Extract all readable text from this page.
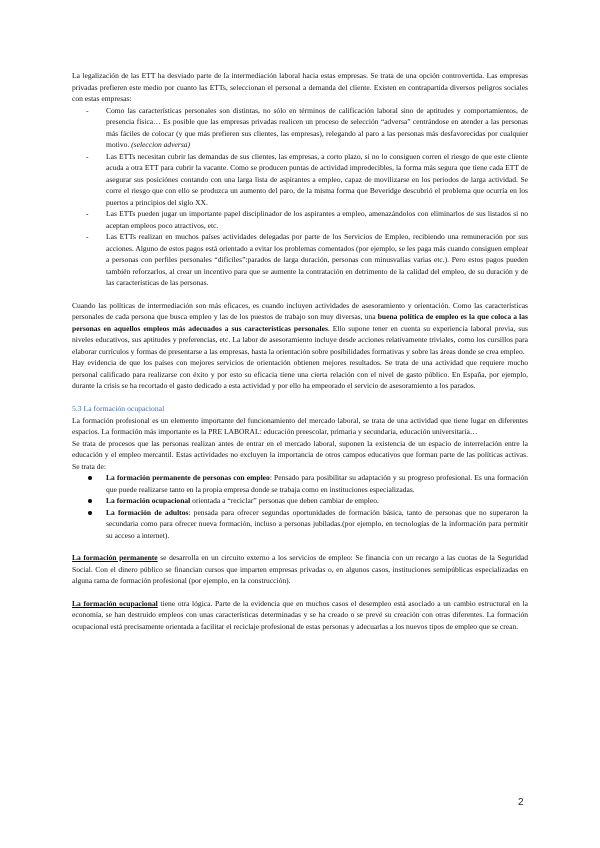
La legalización de las ETT ha desviado parte de la intermediación laboral hacia estas empresas. Se trata de una opción controvertida. Las empresas privadas prefieren este medio por cuanto las ETTs, seleccionan el personal a demanda del cliente. Existen en contrapartida diversos peligros sociales con estas empresas:

- Como las características personales son distintas, no sólo en términos de calificación laboral sino de aptitudes y comportamientos, de presencia física… Es posible que las empresas privadas realicen un proceso de selección “adversa” centrándose en atender a las personas más fáciles de colocar (y que más prefieren sus clientes, las empresas), relegando al paro a las personas más desfavorecidas por cualquier motivo. (seleccion adversa)
- Las ETTs necesitan cubrir las demandas de sus clientes, las empresas, a corto plazo, si no lo consiguen corren el riesgo de que este cliente acuda a otra ETT para cubrir la vacante. Como se producen puntas de actividad impredecibles, la forma más segura que tiene cada ETT de asegurar sus posiciónes contando con una larga lista de aspirantes a empleo, capaz de movilizarse en los periodos de larga actividad. Se corre el riesgo que con ello se produzca un aumento del paro, de la misma forma que Beveridge descubrió el problema que ocurría en los puertos a principios del siglo XX.
- Las ETTs pueden jugar un importante papel disciplinador de los aspirantes a empleo, amenazándolos con eliminarlos de sus listados si no aceptan empleos poco atractivos, etc.
- Las ETTs realizan en muchos países actividades delegadas por parte de los Servicios de Empleo, recibiendo una remuneración por sus acciones. Alguno de estos pagos está orientado a evitar los problemas comentados (por ejemplo, se les paga más cuando consiguen emplear a personas con perfiles personales “difíciles”:parados de larga duración, personas con minusvalías varias etc.). Pero estos pagos pueden también reforzarlos, al crear un incentivo para que se aumente la contratación en detrimento de la calidad del empleo, de su duración y de las características de las personas.

Cuando las políticas de intermediación son más eficaces, es cuando incluyen actividades de asesoramiento y orientación. Como las características personales de cada persona que busca empleo y las de los puestos de trabajo son muy diversas, una buena política de empleo es la que coloca a las personas en aquellos empleos más adecuados a sus características personales. Ello supone tener en cuenta su experiencia laboral previa, sus niveles educativos, sus aptitudes y preferencias, etc. La labor de asesoramiento incluye desde acciones relativamente triviales, como los cursillos para elaborar currículos y formas de presentarse a las empresas, hasta la orientación sobre posibilidades formativas y sobre las áreas donde se crea empleo.

Hay evidencia de que los países con mejores servicios de orientación obtienen mejores resultados. Se trata de una actividad que requiere mucho personal calificado para realizarse con éxito y por esto su eficacia tiene una cierta relación con el nivel de gasto público. En España, por ejemplo, durante la crisis se ha recortado el gasto dedicado a esta actividad y por ello ha empeorado el servicio de asesoramiento a los parados.

5.3 La formación ocupacional

La formación profesional es un elemento importante del funcionamiento del mercado laboral, se trata de una actividad que tiene lugar en diferentes espacios. La formación más importante es la PRE LABORAL: educación preescolar, primaria y secundaria, educación universitaria…

Se trata de procesos que las personas realizan antes de entrar en el mercado laboral, suponen la existencia de un espacio de interrelación entre la educación y el empleo mercantil. Estas actividades no excluyen la importancia de otros campos educativos que forman parte de las políticas activas. Se trata de:

La formación permanente de personas con empleo: Pensado para posibilitar su adaptación y su progreso profesional. Es una formación que puede realizarse tanto en la propia empresa donde se trabaja como en instituciones especializadas.
La formación ocupacional orientada a “reciclar” personas que deben cambiar de empleo.
La formación de adultos: pensada para ofrecer segundas oportunidades de formación básica, tanto de personas que no superaron la secundaria como para ofrecer nueva formación, incluso a personas jubiladas.(por ejemplo, en tecnologías de la información para permitir su acceso a internet).

La formación permanente se desarrolla en un circuito externo a los servicios de empleo: Se financia con un recargo a las cuotas de la Seguridad Social. Con el dinero público se financian cursos que imparten empresas privadas o, en algunos casos, instituciones semipúblicas especializadas en alguna rama de formación profesional (por ejemplo, en la construcción).

La formación ocupacional tiene otra lógica. Parte de la evidencia que en muchos casos el desempleo está asociado a un cambio estructural en la economía, se han destruido empleos con unas características determinadas y se ha creado o se prevé su creación con otras diferentes. La formación ocupacional está precisamente orientada a facilitar el reciclaje profesional de estas personas y adecuarlas a los nuevos tipos de empleo que se crean.

2
